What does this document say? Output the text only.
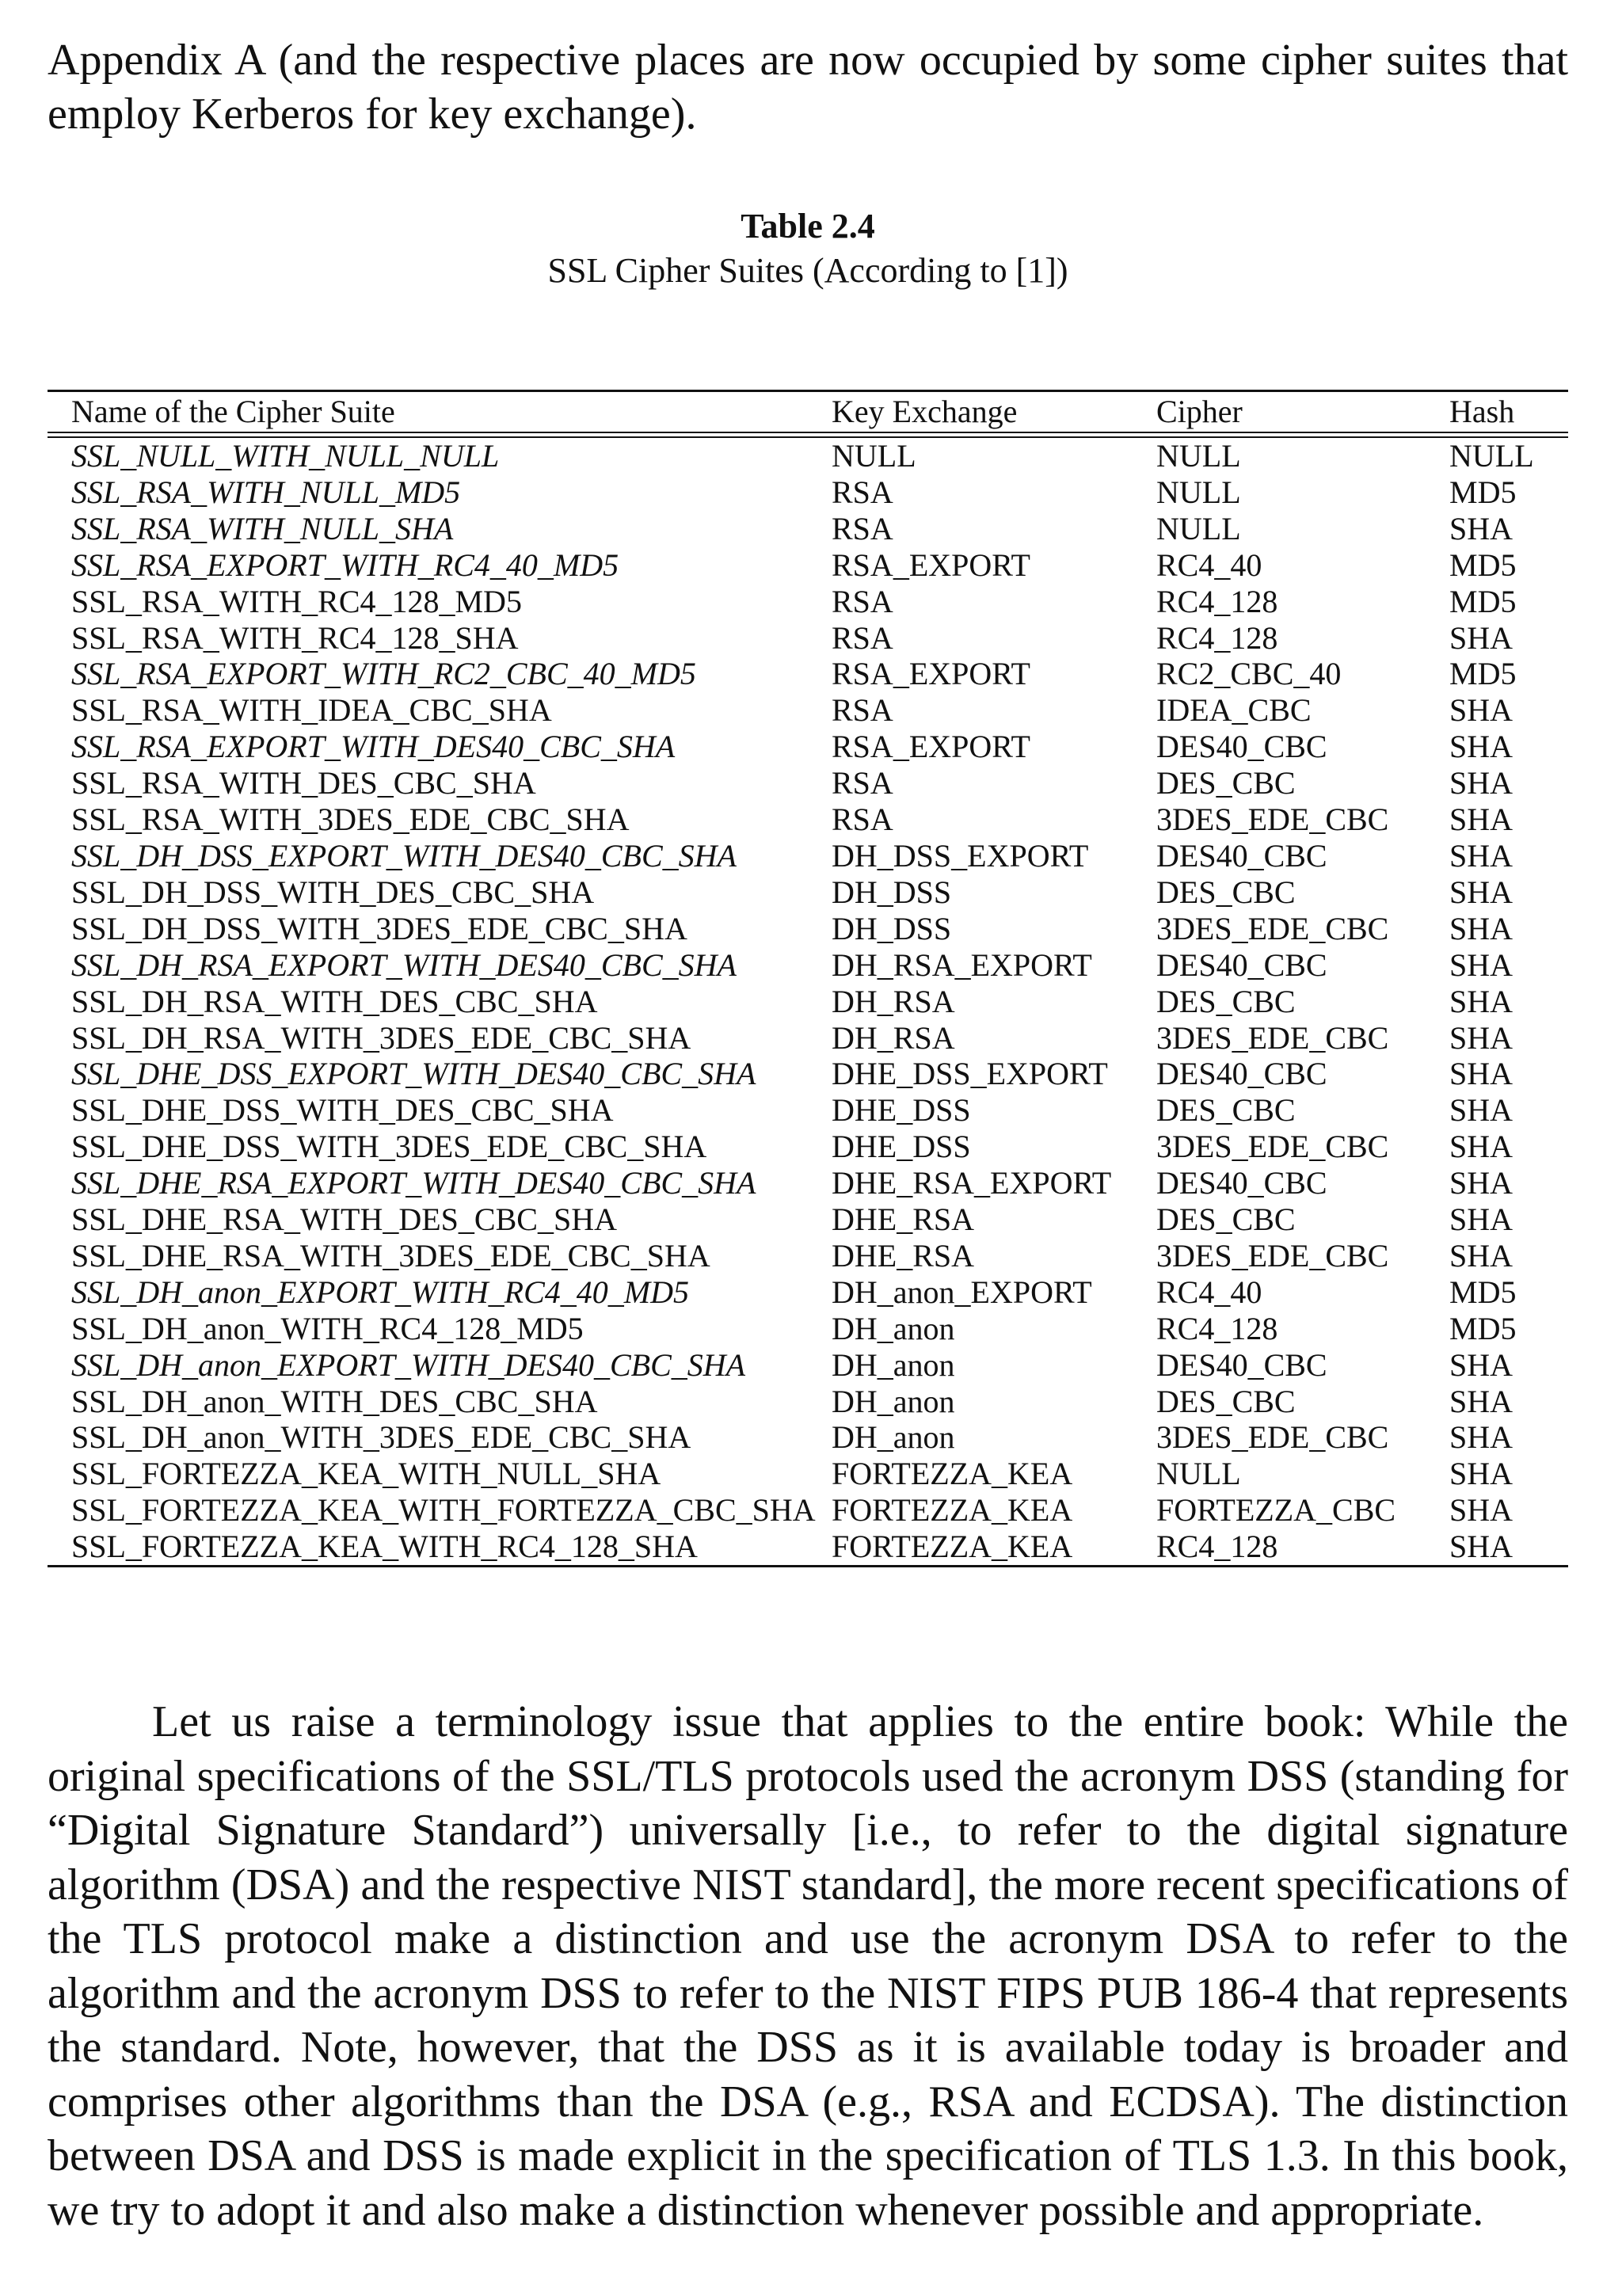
Appendix A (and the respective places are now occupied by some cipher suites that employ Kerberos for key exchange).

Table 2.4
SSL Cipher Suites (According to [1])
Name of the Cipher Suite	Key Exchange	Cipher	Hash
SSL_NULL_WITH_NULL_NULL	NULL	NULL	NULL
SSL_RSA_WITH_NULL_MD5	RSA	NULL	MD5
SSL_RSA_WITH_NULL_SHA	RSA	NULL	SHA
SSL_RSA_EXPORT_WITH_RC4_40_MD5	RSA_EXPORT	RC4_40	MD5
SSL_RSA_WITH_RC4_128_MD5	RSA	RC4_128	MD5
SSL_RSA_WITH_RC4_128_SHA	RSA	RC4_128	SHA
SSL_RSA_EXPORT_WITH_RC2_CBC_40_MD5	RSA_EXPORT	RC2_CBC_40	MD5
SSL_RSA_WITH_IDEA_CBC_SHA	RSA	IDEA_CBC	SHA
SSL_RSA_EXPORT_WITH_DES40_CBC_SHA	RSA_EXPORT	DES40_CBC	SHA
SSL_RSA_WITH_DES_CBC_SHA	RSA	DES_CBC	SHA
SSL_RSA_WITH_3DES_EDE_CBC_SHA	RSA	3DES_EDE_CBC	SHA
SSL_DH_DSS_EXPORT_WITH_DES40_CBC_SHA	DH_DSS_EXPORT	DES40_CBC	SHA
SSL_DH_DSS_WITH_DES_CBC_SHA	DH_DSS	DES_CBC	SHA
SSL_DH_DSS_WITH_3DES_EDE_CBC_SHA	DH_DSS	3DES_EDE_CBC	SHA
SSL_DH_RSA_EXPORT_WITH_DES40_CBC_SHA	DH_RSA_EXPORT	DES40_CBC	SHA
SSL_DH_RSA_WITH_DES_CBC_SHA	DH_RSA	DES_CBC	SHA
SSL_DH_RSA_WITH_3DES_EDE_CBC_SHA	DH_RSA	3DES_EDE_CBC	SHA
SSL_DHE_DSS_EXPORT_WITH_DES40_CBC_SHA	DHE_DSS_EXPORT	DES40_CBC	SHA
SSL_DHE_DSS_WITH_DES_CBC_SHA	DHE_DSS	DES_CBC	SHA
SSL_DHE_DSS_WITH_3DES_EDE_CBC_SHA	DHE_DSS	3DES_EDE_CBC	SHA
SSL_DHE_RSA_EXPORT_WITH_DES40_CBC_SHA	DHE_RSA_EXPORT	DES40_CBC	SHA
SSL_DHE_RSA_WITH_DES_CBC_SHA	DHE_RSA	DES_CBC	SHA
SSL_DHE_RSA_WITH_3DES_EDE_CBC_SHA	DHE_RSA	3DES_EDE_CBC	SHA
SSL_DH_anon_EXPORT_WITH_RC4_40_MD5	DH_anon_EXPORT	RC4_40	MD5
SSL_DH_anon_WITH_RC4_128_MD5	DH_anon	RC4_128	MD5
SSL_DH_anon_EXPORT_WITH_DES40_CBC_SHA	DH_anon	DES40_CBC	SHA
SSL_DH_anon_WITH_DES_CBC_SHA	DH_anon	DES_CBC	SHA
SSL_DH_anon_WITH_3DES_EDE_CBC_SHA	DH_anon	3DES_EDE_CBC	SHA
SSL_FORTEZZA_KEA_WITH_NULL_SHA	FORTEZZA_KEA	NULL	SHA
SSL_FORTEZZA_KEA_WITH_FORTEZZA_CBC_SHA	FORTEZZA_KEA	FORTEZZA_CBC	SHA
SSL_FORTEZZA_KEA_WITH_RC4_128_SHA	FORTEZZA_KEA	RC4_128	SHA

Let us raise a terminology issue that applies to the entire book: While the original specifications of the SSL/TLS protocols used the acronym DSS (standing for “Digital Signature Standard”) universally [i.e., to refer to the digital signature algorithm (DSA) and the respective NIST standard], the more recent specifications of the TLS protocol make a distinction and use the acronym DSA to refer to the algorithm and the acronym DSS to refer to the NIST FIPS PUB 186-4 that represents the standard. Note, however, that the DSS as it is available today is broader and comprises other algorithms than the DSA (e.g., RSA and ECDSA). The distinction between DSA and DSS is made explicit in the specification of TLS 1.3. In this book, we try to adopt it and also make a distinction whenever possible and appropriate.
